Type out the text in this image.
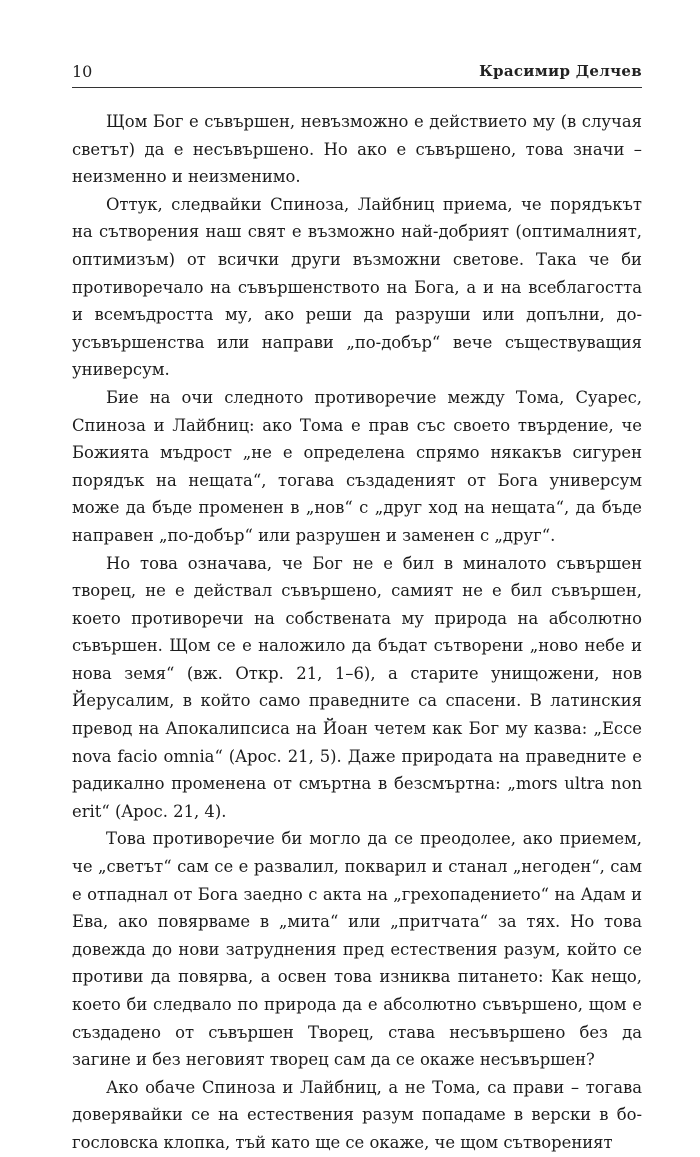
10	Красимир Делчев

Щом Бог е съвършен, невъзможно е действието му (в случая светът) да е несъвършено. Но ако е съвършено, това значи – неизменно и неизменимо.

Оттук, следвайки Спиноза, Лайбниц приема, че порядъкът на сътворения наш свят е възможно най-добрият (оптималният, оптимизъм) от всички други възможни светове. Така че би противоречало на съвършенството на Бога, а и на всеблагостта и всемъдростта му, ако реши да разруши или допълни, доусъвършенства или направи „по-добър“ вече съществуващия универсум.

Бие на очи следното противоречие между Тома, Суарес, Спиноза и Лайбниц: ако Тома е прав със своето твърдение, че Божията мъдрост „не е определена спрямо някакъв сигурен порядък на нещата“, тогава създаденият от Бога универсум може да бъде променен в „нов“ с „друг ход на нещата“, да бъде направен „по-добър“ или разрушен и заменен с „друг“.

Но това означава, че Бог не е бил в миналото съвършен творец, не е действал съвършено, самият не е бил съвършен, което противоречи на собствената му природа на абсолютно съвършен. Щом се е наложило да бъдат сътворени „ново небе и нова земя“ (вж. Откр. 21, 1–6), а старите унищожени, нов Йерусалим, в който само праведните са спасени. В латинския превод на Апокалипсиса на Йоан четем как Бог му казва: „Ecce nova facio omnia“ (Apoc. 21, 5). Даже природата на праведните е радикално променена от смъртна в безсмъртна: „mors ultra non erit“ (Apoc. 21, 4).

Това противоречие би могло да се преодолее, ако приемем, че „светът“ сам се е развалил, покварил и станал „негоден“, сам е отпаднал от Бога заедно с акта на „грехопадението“ на Адам и Ева, ако повярваме в „мита“ или „притчата“ за тях. Но това довежда до нови затруднения пред естествения разум, който се противи да повярва, а освен това изниква питането: Как нещо, което би следвало по природа да е абсолютно съвършено, щом е създадено от съвършен Творец, става несъвършено без да загине и без неговият творец сам да се окаже несъвършен?

Ако обаче Спиноза и Лайбниц, а не Тома, са прави – тогава доверявайки се на естествения разум попадаме в верски в богословска клопка, тъй като ще се окаже, че щом сътвореният
